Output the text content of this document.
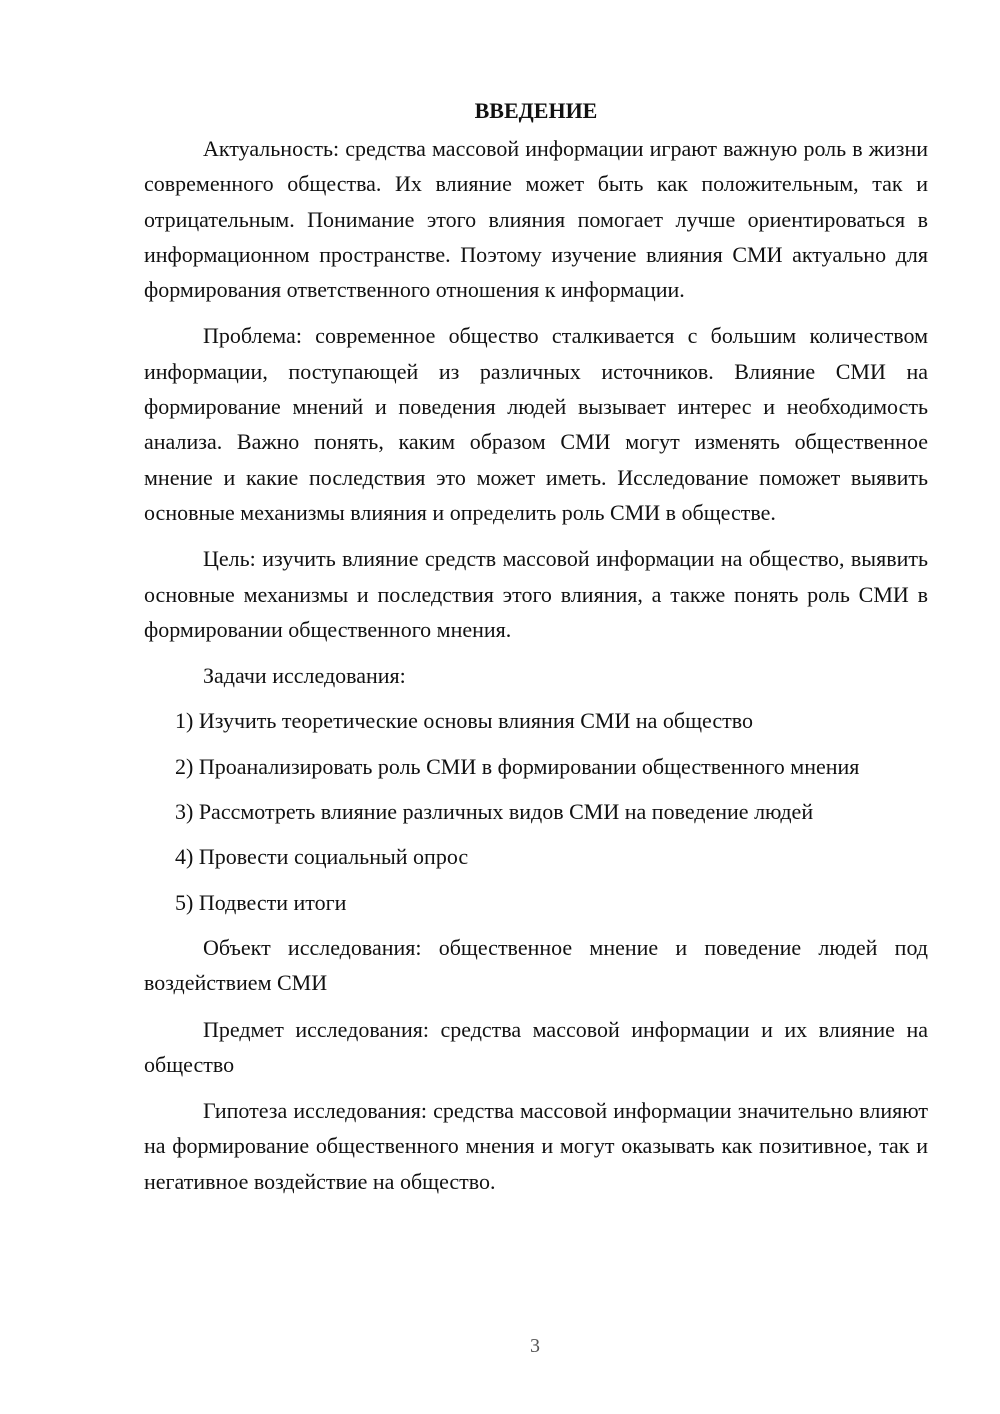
ВВЕДЕНИЕ

Актуальность: средства массовой информации играют важную роль в жизни современного общества. Их влияние может быть как положительным, так и отрицательным. Понимание этого влияния помогает лучше ориентироваться в информационном пространстве. Поэтому изучение влияния СМИ актуально для формирования ответственного отношения к информации.

Проблема: современное общество сталкивается с большим количеством информации, поступающей из различных источников. Влияние СМИ на формирование мнений и поведения людей вызывает интерес и необходимость анализа. Важно понять, каким образом СМИ могут изменять общественное мнение и какие последствия это может иметь. Исследование поможет выявить основные механизмы влияния и определить роль СМИ в обществе.

Цель: изучить влияние средств массовой информации на общество, выявить основные механизмы и последствия этого влияния, а также понять роль СМИ в формировании общественного мнения.

Задачи исследования:

1) Изучить теоретические основы влияния СМИ на общество

2) Проанализировать роль СМИ в формировании общественного мнения

3) Рассмотреть влияние различных видов СМИ на поведение людей

4) Провести социальный опрос

5) Подвести итоги

Объект исследования: общественное мнение и поведение людей под воздействием СМИ

Предмет исследования: средства массовой информации и их влияние на общество

Гипотеза исследования: средства массовой информации значительно влияют на формирование общественного мнения и могут оказывать как позитивное, так и негативное воздействие на общество.

3
